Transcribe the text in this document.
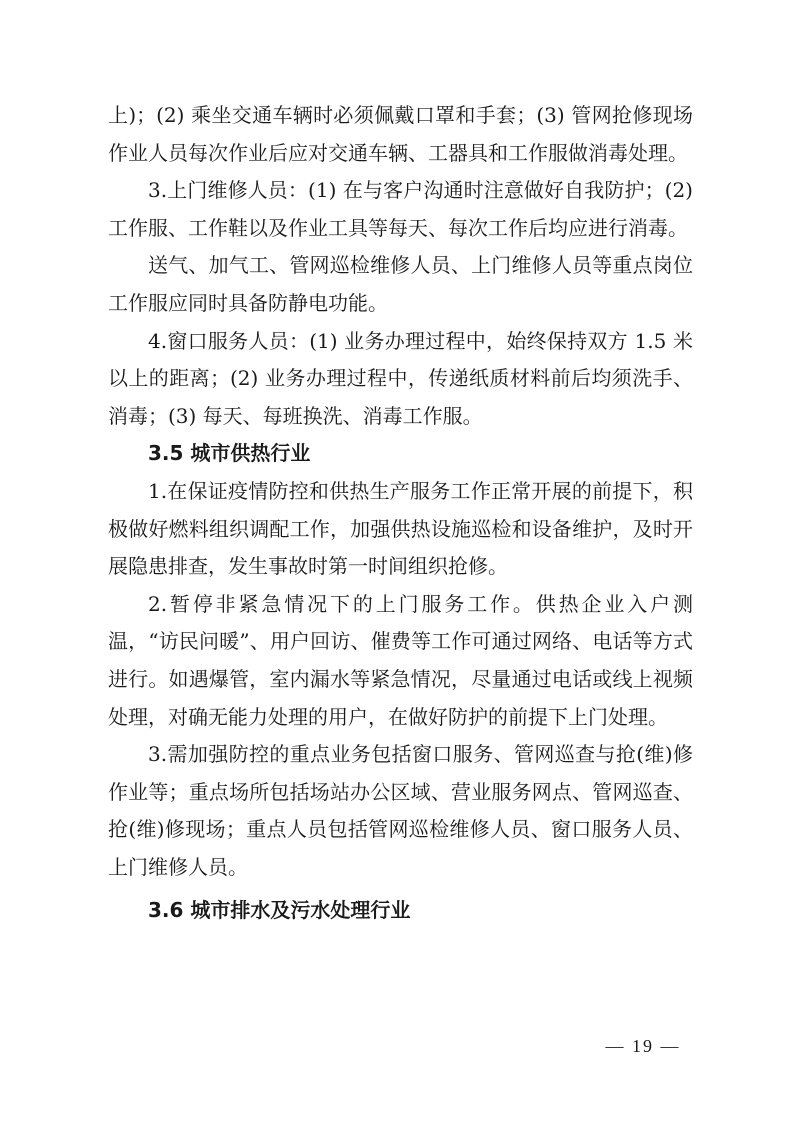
上)；(2) 乘坐交通车辆时必须佩戴口罩和手套；(3) 管网抢修现场作业人员每次作业后应对交通车辆、工器具和工作服做消毒处理。

3.上门维修人员：(1) 在与客户沟通时注意做好自我防护；(2) 工作服、工作鞋以及作业工具等每天、每次工作后均应进行消毒。

送气、加气工、管网巡检维修人员、上门维修人员等重点岗位工作服应同时具备防静电功能。

4.窗口服务人员：(1) 业务办理过程中，始终保持双方 1.5 米以上的距离；(2) 业务办理过程中，传递纸质材料前后均须洗手、消毒；(3) 每天、每班换洗、消毒工作服。

3.5 城市供热行业

1.在保证疫情防控和供热生产服务工作正常开展的前提下，积极做好燃料组织调配工作，加强供热设施巡检和设备维护，及时开展隐患排查，发生事故时第一时间组织抢修。

2.暂停非紧急情况下的上门服务工作。供热企业入户测温，“访民问暖”、用户回访、催费等工作可通过网络、电话等方式进行。如遇爆管，室内漏水等紧急情况，尽量通过电话或线上视频处理，对确无能力处理的用户，在做好防护的前提下上门处理。

3.需加强防控的重点业务包括窗口服务、管网巡查与抢(维)修作业等；重点场所包括场站办公区域、营业服务网点、管网巡查、抢(维)修现场；重点人员包括管网巡检维修人员、窗口服务人员、上门维修人员。

3.6 城市排水及污水处理行业

— 19 —
